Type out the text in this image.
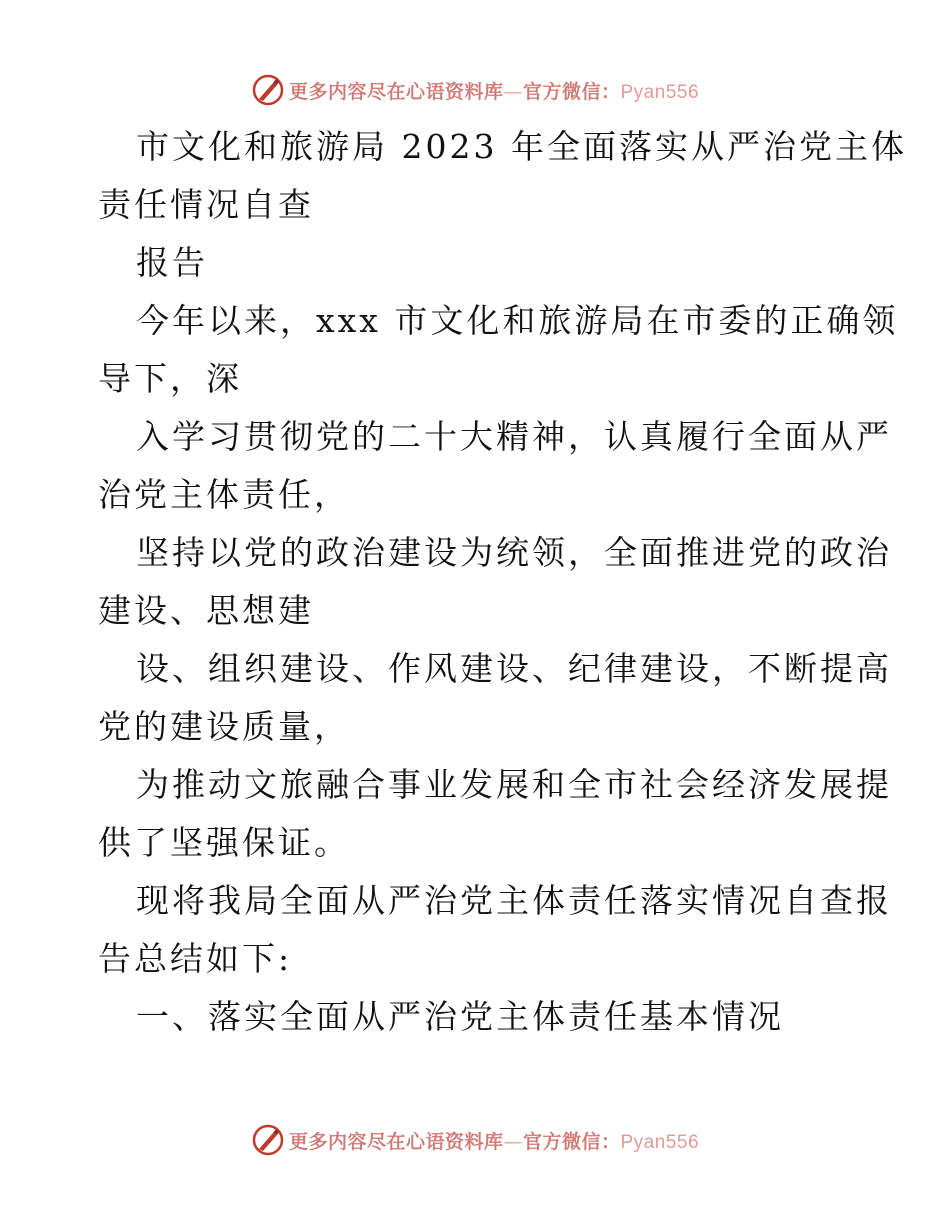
更多内容尽在心语资料库—官方微信：Pyan556
市文化和旅游局 2023 年全面落实从严治党主体
责任情况自查
报告
今年以来，xxx 市文化和旅游局在市委的正确领
导下，深
入学习贯彻党的二十大精神，认真履行全面从严
治党主体责任，
坚持以党的政治建设为统领，全面推进党的政治
建设、思想建
设、组织建设、作风建设、纪律建设，不断提高
党的建设质量，
为推动文旅融合事业发展和全市社会经济发展提
供了坚强保证。
现将我局全面从严治党主体责任落实情况自查报
告总结如下:
一、落实全面从严治党主体责任基本情况
更多内容尽在心语资料库—官方微信：Pyan556
